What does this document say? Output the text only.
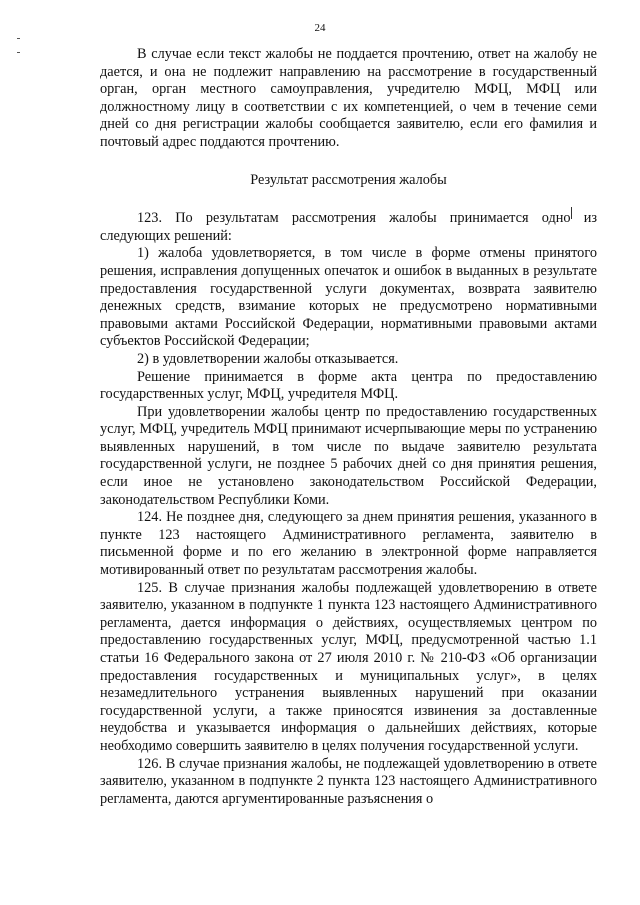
24

В случае если текст жалобы не поддается прочтению, ответ на жалобу не дается, и она не подлежит направлению на рассмотрение в государственный орган, орган местного самоуправления, учредителю МФЦ, МФЦ или должностному лицу в соответствии с их компетенцией, о чем в течение семи дней со дня регистрации жалобы сообщается заявителю, если его фамилия и почтовый адрес поддаются прочтению.

Результат рассмотрения жалобы

123. По результатам рассмотрения жалобы принимается одно из следующих решений:

1) жалоба удовлетворяется, в том числе в форме отмены принятого решения, исправления допущенных опечаток и ошибок в выданных в результате предоставления государственной услуги документах, возврата заявителю денежных средств, взимание которых не предусмотрено нормативными правовыми актами Российской Федерации, нормативными правовыми актами субъектов Российской Федерации;

2) в удовлетворении жалобы отказывается.

Решение принимается в форме акта центра по предоставлению государственных услуг, МФЦ, учредителя МФЦ.

При удовлетворении жалобы центр по предоставлению государственных услуг, МФЦ, учредитель МФЦ принимают исчерпывающие меры по устранению выявленных нарушений, в том числе по выдаче заявителю результата государственной услуги, не позднее 5 рабочих дней со дня принятия решения, если иное не установлено законодательством Российской Федерации, законодательством Республики Коми.

124. Не позднее дня, следующего за днем принятия решения, указанного в пункте 123 настоящего Административного регламента, заявителю в письменной форме и по его желанию в электронной форме направляется мотивированный ответ по результатам рассмотрения жалобы.

125. В случае признания жалобы подлежащей удовлетворению в ответе заявителю, указанном в подпункте 1 пункта 123 настоящего Административного регламента, дается информация о действиях, осуществляемых центром по предоставлению государственных услуг, МФЦ, предусмотренной частью 1.1 статьи 16 Федерального закона от 27 июля 2010 г. № 210-ФЗ «Об организации предоставления государственных и муниципальных услуг», в целях незамедлительного устранения выявленных нарушений при оказании государственной услуги, а также приносятся извинения за доставленные неудобства и указывается информация о дальнейших действиях, которые необходимо совершить заявителю в целях получения государственной услуги.

126. В случае признания жалобы, не подлежащей удовлетворению в ответе заявителю, указанном в подпункте 2 пункта 123 настоящего Административного регламента, даются аргументированные разъяснения о
